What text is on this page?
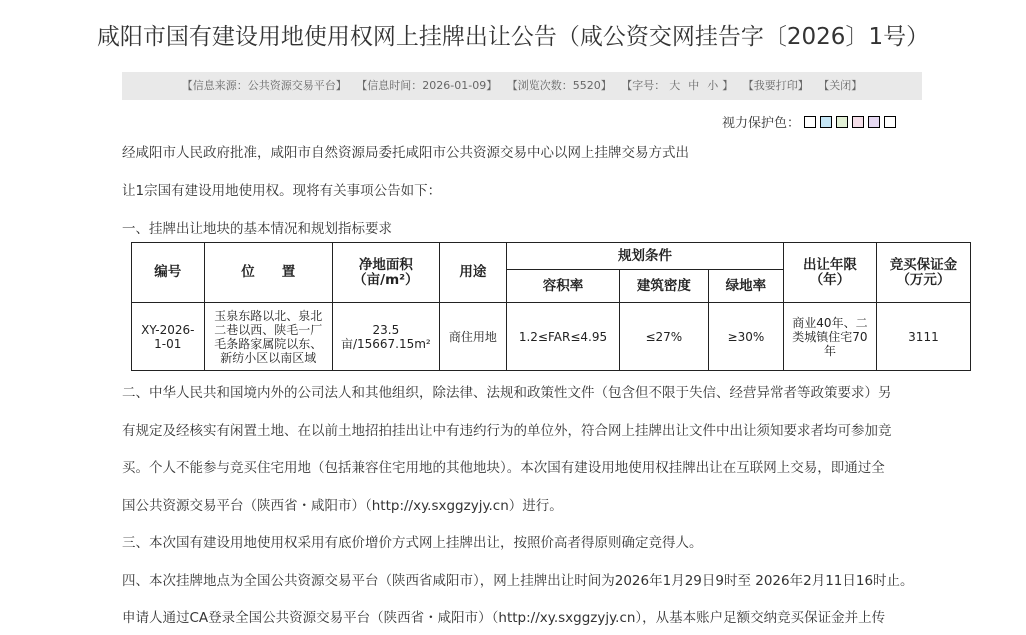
咸阳市国有建设用地使用权网上挂牌出让公告（咸公资交网挂告字〔2026〕1号）
【信息来源：公共资源交易平台】 【信息时间：2026-01-09】 【浏览次数：5520】 【字号： 大 中 小 】 【我要打印】 【关闭】
视力保护色：
经咸阳市人民政府批准，咸阳市自然资源局委托咸阳市公共资源交易中心以网上挂牌交易方式出
让1宗国有建设用地使用权。现将有关事项公告如下：
一、挂牌出让地块的基本情况和规划指标要求
编号	位　　置	净地面积（亩/m²）	用途	规划条件			出让年限（年）	竞买保证金（万元）
				容积率	建筑密度	绿地率		
XY-2026-1-01	玉泉东路以北、泉北二巷以西、陕毛一厂毛条路家属院以东、新纺小区以南区域	23.5亩/15667.15m²	商住用地	1.2≤FAR≤4.95	≤27%	≥30%	商业40年、二类城镇住宅70年	3111
二、中华人民共和国境内外的公司法人和其他组织，除法律、法规和政策性文件（包含但不限于失信、经营异常者等政策要求）另
有规定及经核实有闲置土地、在以前土地招拍挂出让中有违约行为的单位外，符合网上挂牌出让文件中出让须知要求者均可参加竞
买。个人不能参与竞买住宅用地（包括兼容住宅用地的其他地块）。本次国有建设用地使用权挂牌出让在互联网上交易，即通过全
国公共资源交易平台（陕西省・咸阳市）（http://xy.sxggzyjy.cn）进行。
三、本次国有建设用地使用权采用有底价增价方式网上挂牌出让，按照价高者得原则确定竞得人。
四、本次挂牌地点为全国公共资源交易平台（陕西省咸阳市），网上挂牌出让时间为2026年1月29日9时至 2026年2月11日16时止。
申请人通过CA登录全国公共资源交易平台（陕西省・咸阳市）（http://xy.sxggzyjy.cn），从基本账户足额交纳竞买保证金并上传
